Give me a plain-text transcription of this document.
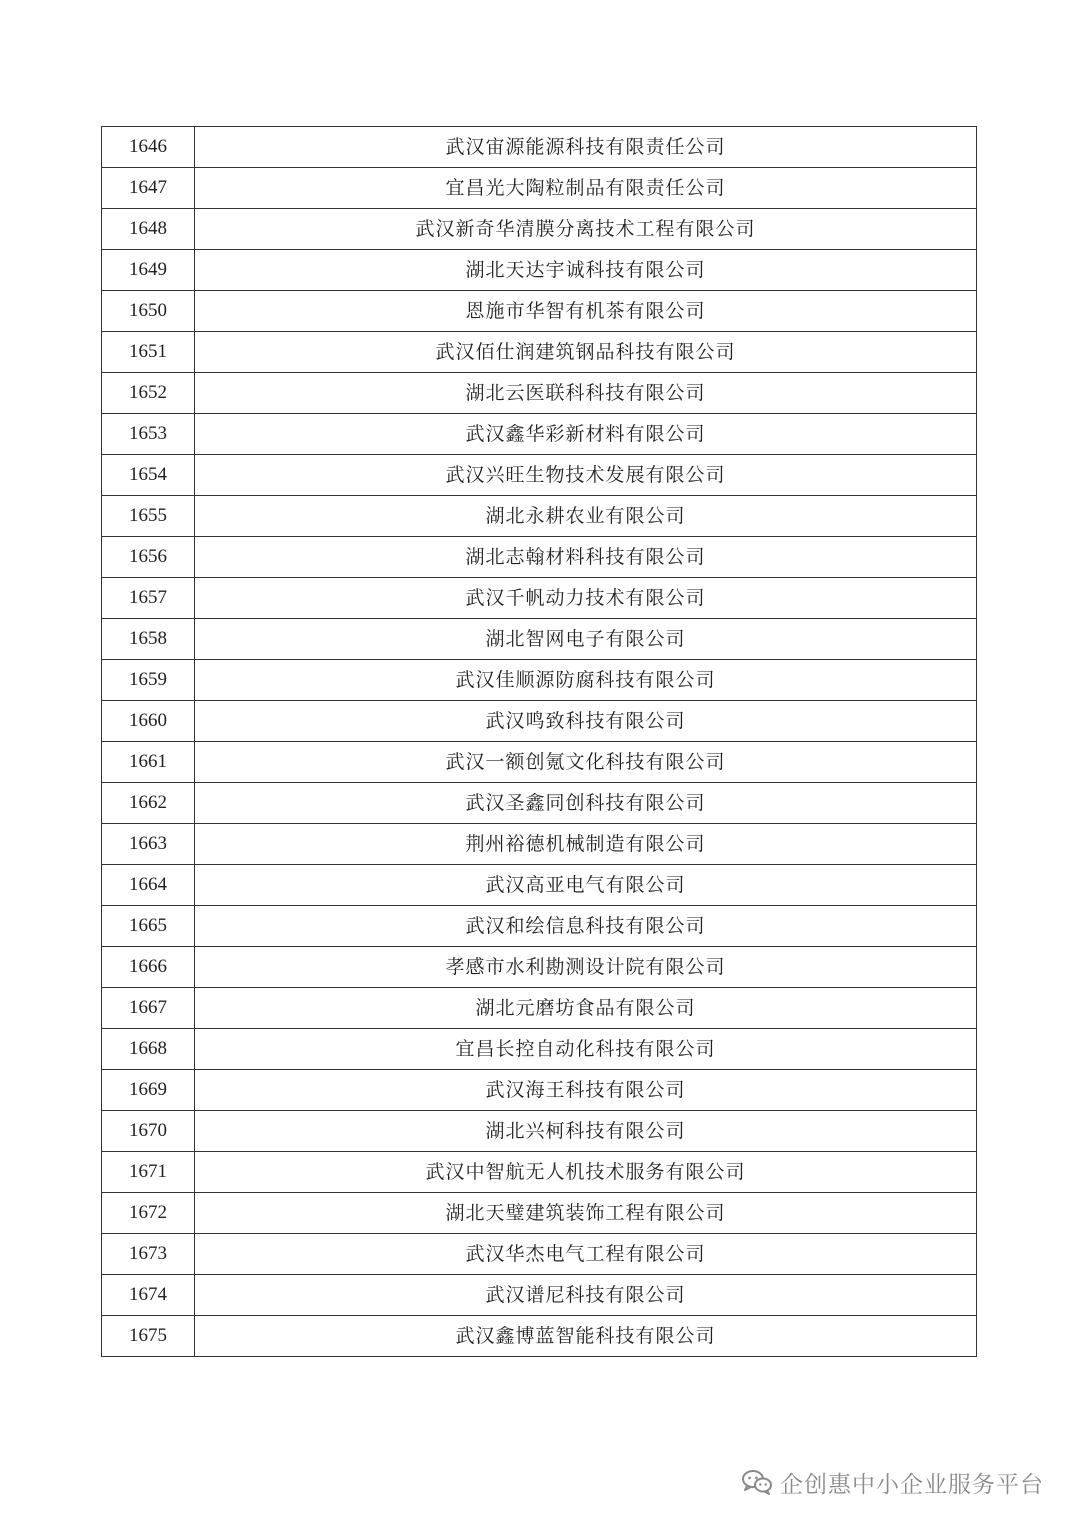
1646	武汉宙源能源科技有限责任公司
1647	宜昌光大陶粒制品有限责任公司
1648	武汉新奇华清膜分离技术工程有限公司
1649	湖北天达宇诚科技有限公司
1650	恩施市华智有机茶有限公司
1651	武汉佰仕润建筑钢品科技有限公司
1652	湖北云医联科科技有限公司
1653	武汉鑫华彩新材料有限公司
1654	武汉兴旺生物技术发展有限公司
1655	湖北永耕农业有限公司
1656	湖北志翰材料科技有限公司
1657	武汉千帆动力技术有限公司
1658	湖北智网电子有限公司
1659	武汉佳顺源防腐科技有限公司
1660	武汉鸣致科技有限公司
1661	武汉一额创氪文化科技有限公司
1662	武汉圣鑫同创科技有限公司
1663	荆州裕德机械制造有限公司
1664	武汉高亚电气有限公司
1665	武汉和绘信息科技有限公司
1666	孝感市水利勘测设计院有限公司
1667	湖北元磨坊食品有限公司
1668	宜昌长控自动化科技有限公司
1669	武汉海王科技有限公司
1670	湖北兴柯科技有限公司
1671	武汉中智航无人机技术服务有限公司
1672	湖北天璧建筑装饰工程有限公司
1673	武汉华杰电气工程有限公司
1674	武汉谱尼科技有限公司
1675	武汉鑫博蓝智能科技有限公司
企创惠中小企业服务平台
